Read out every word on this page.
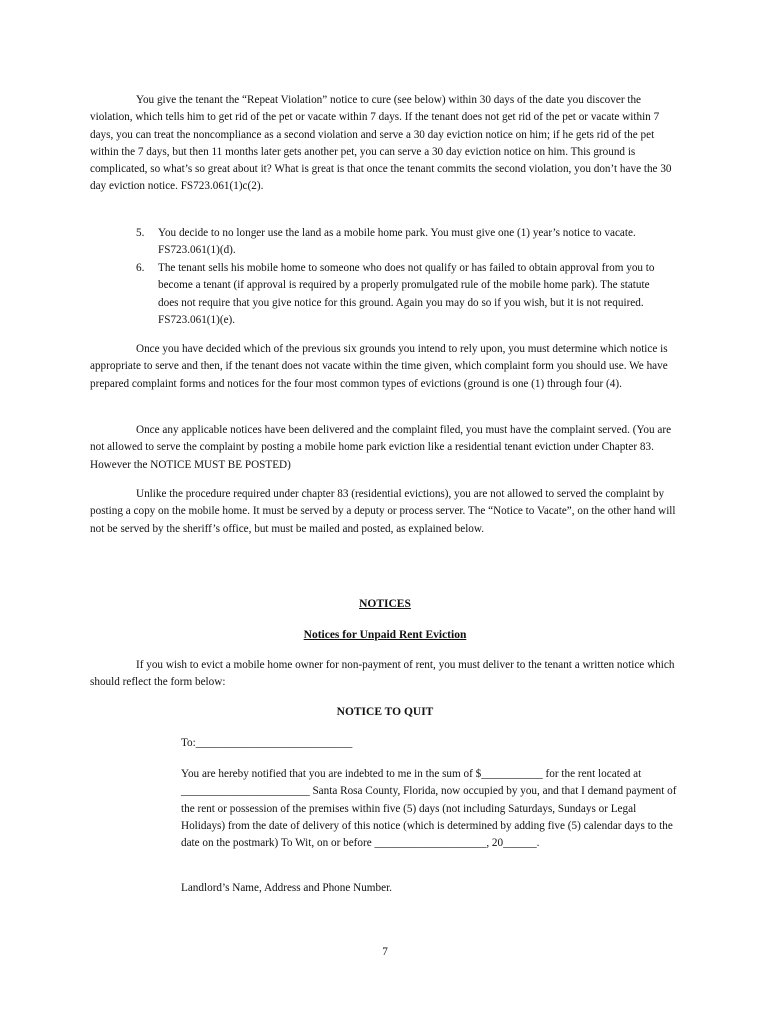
You give the tenant the “Repeat Violation” notice to cure (see below) within 30 days of the date you discover the violation, which tells him to get rid of the pet or vacate within 7 days. If the tenant does not get rid of the pet or vacate within 7 days, you can treat the noncompliance as a second violation and serve a 30 day eviction notice on him; if he gets rid of the pet within the 7 days, but then 11 months later gets another pet, you can serve a 30 day eviction notice on him. This ground is complicated, so what’s so great about it? What is great is that once the tenant commits the second violation, you don’t have the 30 day eviction notice. FS723.061(1)c(2).

5. You decide to no longer use the land as a mobile home park. You must give one (1) year’s notice to vacate. FS723.061(1)(d).
6. The tenant sells his mobile home to someone who does not qualify or has failed to obtain approval from you to become a tenant (if approval is required by a properly promulgated rule of the mobile home park). The statute does not require that you give notice for this ground. Again you may do so if you wish, but it is not required. FS723.061(1)(e).

Once you have decided which of the previous six grounds you intend to rely upon, you must determine which notice is appropriate to serve and then, if the tenant does not vacate within the time given, which complaint form you should use. We have prepared complaint forms and notices for the four most common types of evictions (ground is one (1) through four (4).

Once any applicable notices have been delivered and the complaint filed, you must have the complaint served. (You are not allowed to serve the complaint by posting a mobile home park eviction like a residential tenant eviction under Chapter 83. However the NOTICE MUST BE POSTED)

Unlike the procedure required under chapter 83 (residential evictions), you are not allowed to served the complaint by posting a copy on the mobile home. It must be served by a deputy or process server. The “Notice to Vacate”, on the other hand will not be served by the sheriff’s office, but must be mailed and posted, as explained below.

NOTICES
Notices for Unpaid Rent Eviction

If you wish to evict a mobile home owner for non-payment of rent, you must deliver to the tenant a written notice which should reflect the form below:

NOTICE TO QUIT

To:____________________________

You are hereby notified that you are indebted to me in the sum of $___________ for the rent located at _______________________ Santa Rosa County, Florida, now occupied by you, and that I demand payment of the rent or possession of the premises within five (5) days (not including Saturdays, Sundays or Legal Holidays) from the date of delivery of this notice (which is determined by adding five (5) calendar days to the date on the postmark) To Wit, on or before ____________________, 20______.

Landlord’s Name, Address and Phone Number.

7
